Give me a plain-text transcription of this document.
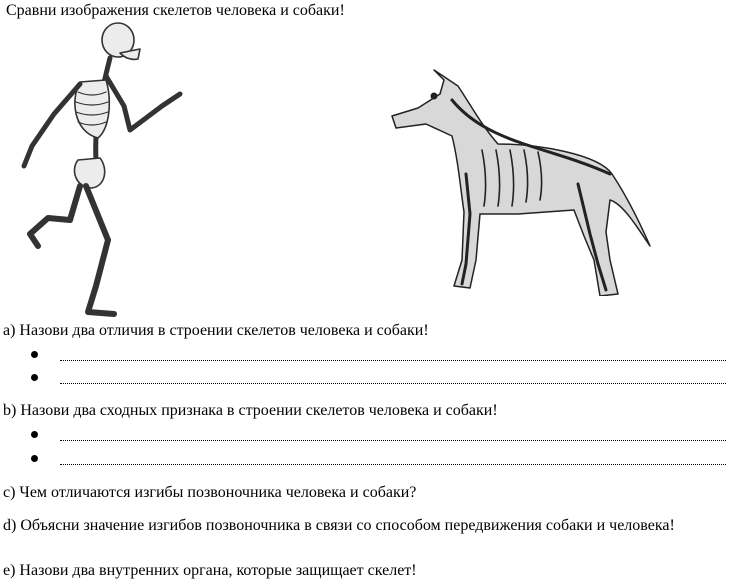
Сравни изображения скелетов человека и собаки!
a) Назови два отличия в строении скелетов человека и собаки!
b) Назови два сходных признака в строении скелетов человека и собаки!
c) Чем отличаются изгибы позвоночника человека и собаки?
d) Объясни значение изгибов позвоночника в связи со способом передвижения собаки и человека!
e) Назови два внутренних органа, которые защищает скелет!
